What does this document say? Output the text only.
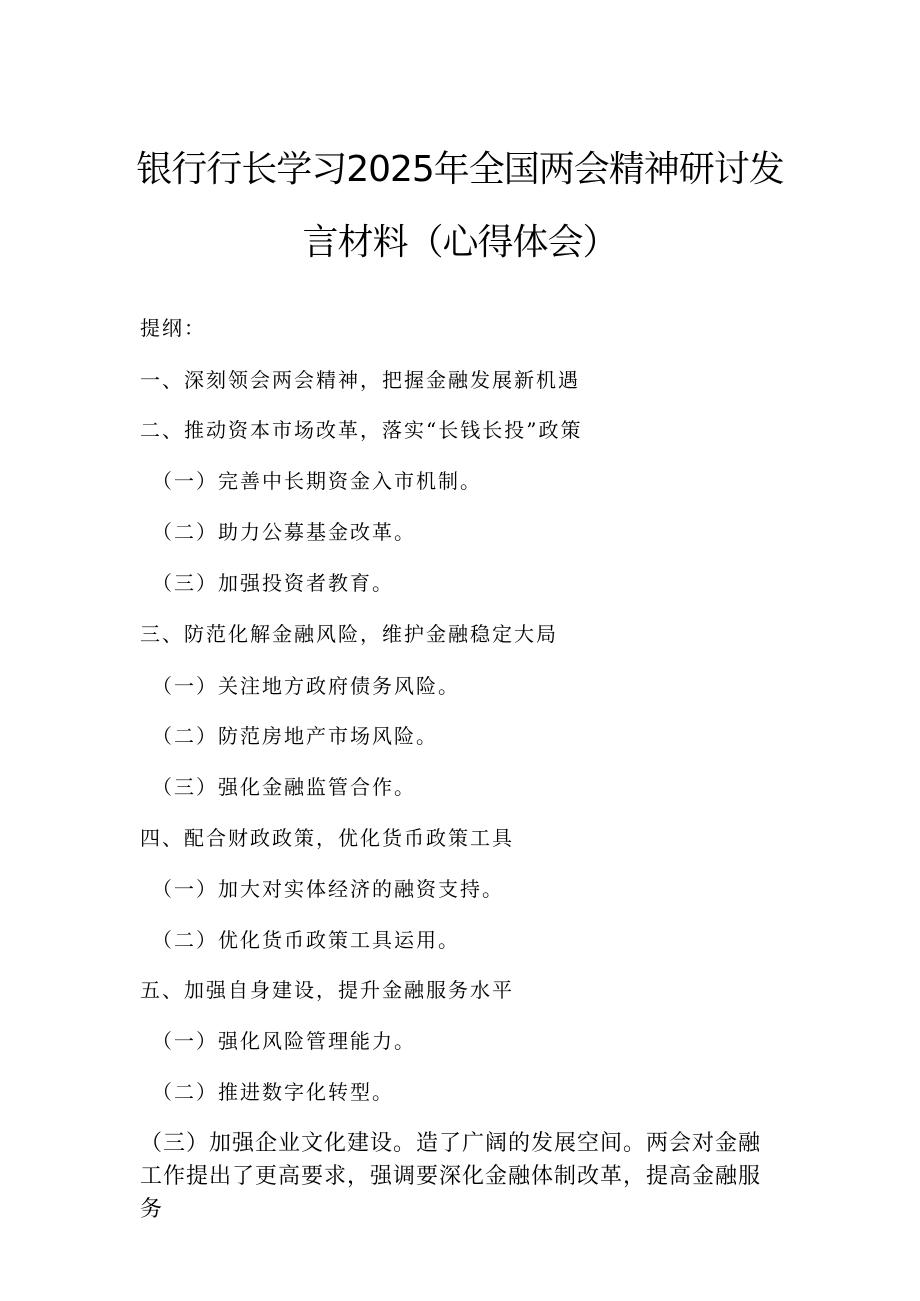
银行行长学习2025年全国两会精神研讨发
言材料（心得体会）
提纲：
一、深刻领会两会精神，把握金融发展新机遇
二、推动资本市场改革，落实“长钱长投”政策
（一）完善中长期资金入市机制。
（二）助力公募基金改革。
（三）加强投资者教育。
三、防范化解金融风险，维护金融稳定大局
（一）关注地方政府债务风险。
（二）防范房地产市场风险。
（三）强化金融监管合作。
四、配合财政政策，优化货币政策工具
（一）加大对实体经济的融资支持。
（二）优化货币政策工具运用。
五、加强自身建设，提升金融服务水平
（一）强化风险管理能力。
（二）推进数字化转型。
（三）加强企业文化建设。造了广阔的发展空间。两会对金融工作提出了更高要求，强调要深化金融体制改革，提高金融服务
